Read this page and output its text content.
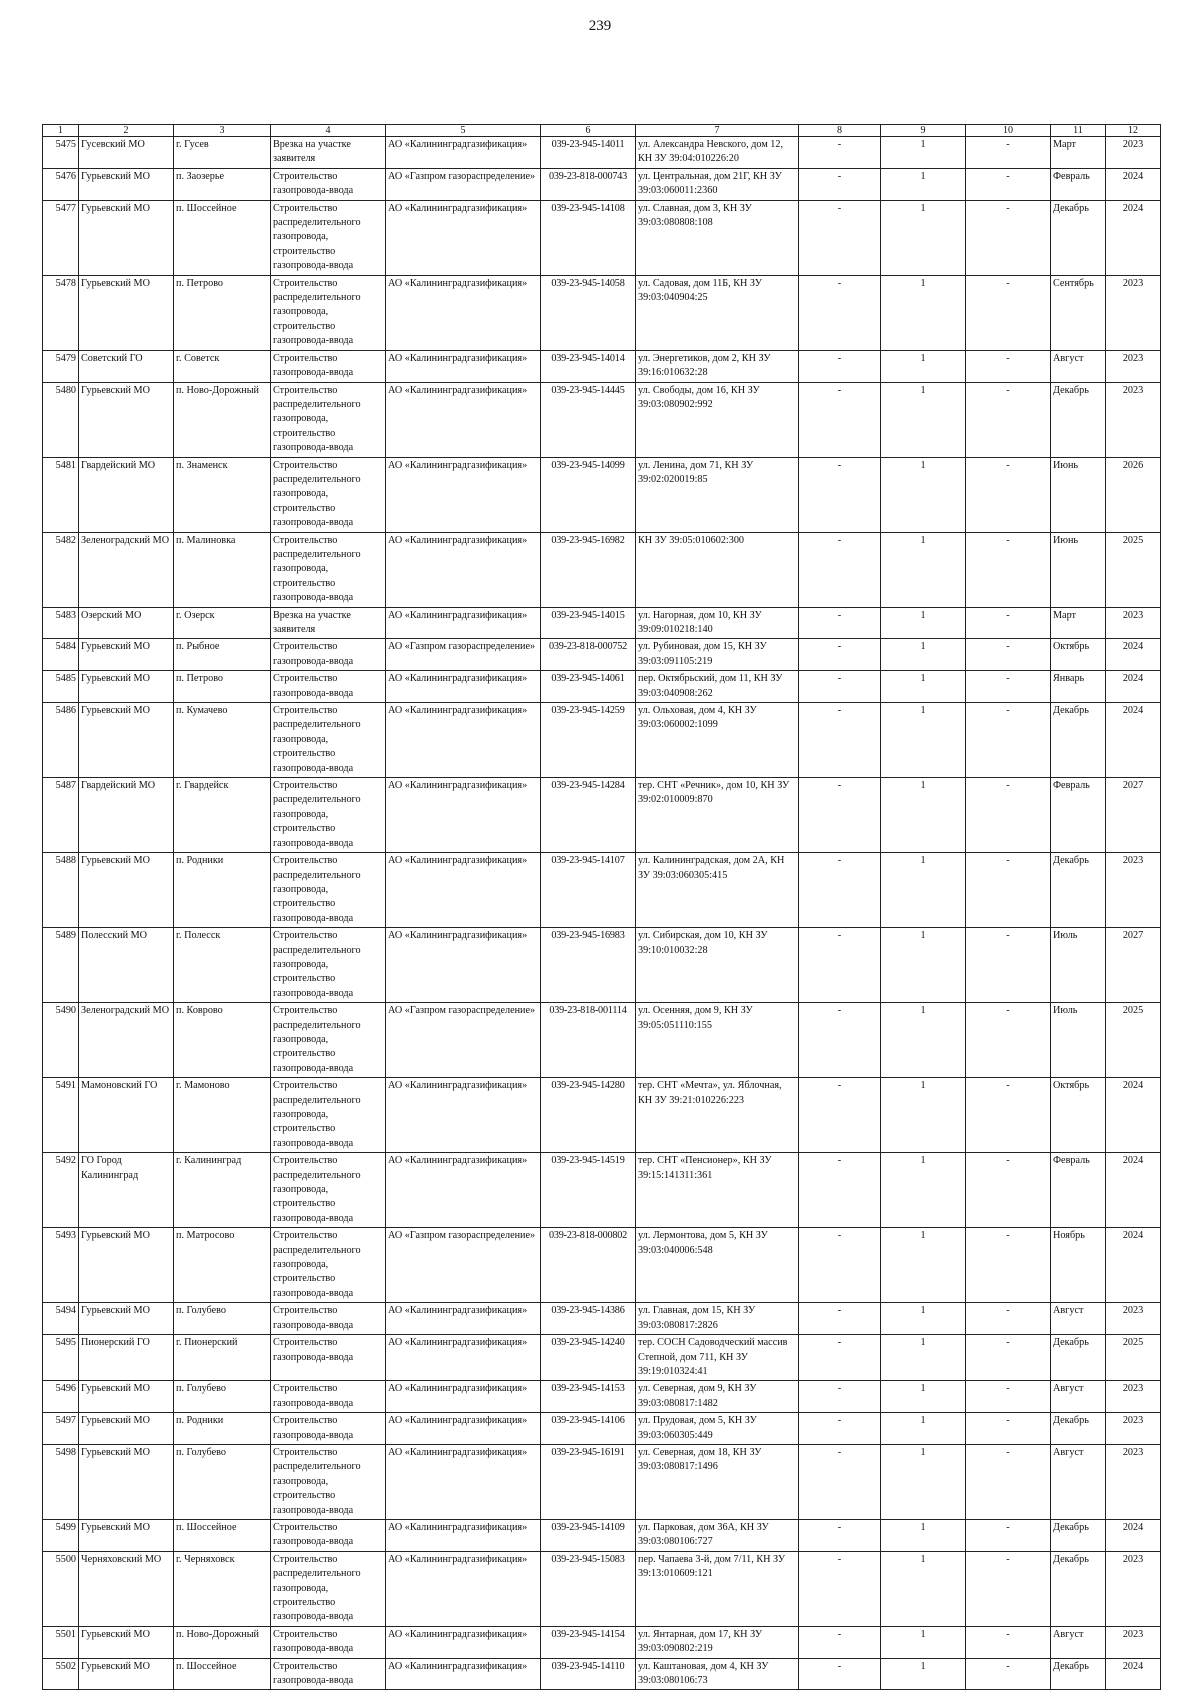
239
1	2	3	4	5	6	7	8	9	10	11	12
5475	Гусевский МО	г. Гусев	Врезка на участке заявителя	АО «Калининградгазификация»	039-23-945-14011	ул. Александра Невского, дом 12, КН ЗУ 39:04:010226:20	-	1	-	Март	2023
5476	Гурьевский МО	п. Заозерье	Строительство газопровода-ввода	АО «Газпром газораспределение»	039-23-818-000743	ул. Центральная, дом 21Г, КН ЗУ 39:03:060011:2360	-	1	-	Февраль	2024
5477	Гурьевский МО	п. Шоссейное	Строительство распределительного газопровода, строительство газопровода-ввода	АО «Калининградгазификация»	039-23-945-14108	ул. Славная, дом 3, КН ЗУ 39:03:080808:108	-	1	-	Декабрь	2024
5478	Гурьевский МО	п. Петрово	Строительство распределительного газопровода, строительство газопровода-ввода	АО «Калининградгазификация»	039-23-945-14058	ул. Садовая, дом 11Б, КН ЗУ 39:03:040904:25	-	1	-	Сентябрь	2023
5479	Советский ГО	г. Советск	Строительство газопровода-ввода	АО «Калининградгазификация»	039-23-945-14014	ул. Энергетиков, дом 2, КН ЗУ 39:16:010632:28	-	1	-	Август	2023
5480	Гурьевский МО	п. Ново-Дорожный	Строительство распределительного газопровода, строительство газопровода-ввода	АО «Калининградгазификация»	039-23-945-14445	ул. Свободы, дом 16, КН ЗУ 39:03:080902:992	-	1	-	Декабрь	2023
5481	Гвардейский МО	п. Знаменск	Строительство распределительного газопровода, строительство газопровода-ввода	АО «Калининградгазификация»	039-23-945-14099	ул. Ленина, дом 71, КН ЗУ 39:02:020019:85	-	1	-	Июнь	2026
5482	Зеленоградский МО	п. Малиновка	Строительство распределительного газопровода, строительство газопровода-ввода	АО «Калининградгазификация»	039-23-945-16982	КН ЗУ 39:05:010602:300	-	1	-	Июнь	2025
5483	Озерский МО	г. Озерск	Врезка на участке заявителя	АО «Калининградгазификация»	039-23-945-14015	ул. Нагорная, дом 10, КН ЗУ 39:09:010218:140	-	1	-	Март	2023
5484	Гурьевский МО	п. Рыбное	Строительство газопровода-ввода	АО «Газпром газораспределение»	039-23-818-000752	ул. Рубиновая, дом 15, КН ЗУ 39:03:091105:219	-	1	-	Октябрь	2024
5485	Гурьевский МО	п. Петрово	Строительство газопровода-ввода	АО «Калининградгазификация»	039-23-945-14061	пер. Октябрьский, дом 11, КН ЗУ 39:03:040908:262	-	1	-	Январь	2024
5486	Гурьевский МО	п. Кумачево	Строительство распределительного газопровода, строительство газопровода-ввода	АО «Калининградгазификация»	039-23-945-14259	ул. Ольховая, дом 4, КН ЗУ 39:03:060002:1099	-	1	-	Декабрь	2024
5487	Гвардейский МО	г. Гвардейск	Строительство распределительного газопровода, строительство газопровода-ввода	АО «Калининградгазификация»	039-23-945-14284	тер. СНТ «Речник», дом 10, КН ЗУ 39:02:010009:870	-	1	-	Февраль	2027
5488	Гурьевский МО	п. Родники	Строительство распределительного газопровода, строительство газопровода-ввода	АО «Калининградгазификация»	039-23-945-14107	ул. Калининградская, дом 2А, КН ЗУ 39:03:060305:415	-	1	-	Декабрь	2023
5489	Полесский МО	г. Полесск	Строительство распределительного газопровода, строительство газопровода-ввода	АО «Калининградгазификация»	039-23-945-16983	ул. Сибирская, дом 10, КН ЗУ 39:10:010032:28	-	1	-	Июль	2027
5490	Зеленоградский МО	п. Коврово	Строительство распределительного газопровода, строительство газопровода-ввода	АО «Газпром газораспределение»	039-23-818-001114	ул. Осенняя, дом 9, КН ЗУ 39:05:051110:155	-	1	-	Июль	2025
5491	Мамоновский ГО	г. Мамоново	Строительство распределительного газопровода, строительство газопровода-ввода	АО «Калининградгазификация»	039-23-945-14280	тер. СНТ «Мечта», ул. Яблочная, КН ЗУ 39:21:010226:223	-	1	-	Октябрь	2024
5492	ГО Город Калининград	г. Калининград	Строительство распределительного газопровода, строительство газопровода-ввода	АО «Калининградгазификация»	039-23-945-14519	тер. СНТ «Пенсионер», КН ЗУ 39:15:141311:361	-	1	-	Февраль	2024
5493	Гурьевский МО	п. Матросово	Строительство распределительного газопровода, строительство газопровода-ввода	АО «Газпром газораспределение»	039-23-818-000802	ул. Лермонтова, дом 5, КН ЗУ 39:03:040006:548	-	1	-	Ноябрь	2024
5494	Гурьевский МО	п. Голубево	Строительство газопровода-ввода	АО «Калининградгазификация»	039-23-945-14386	ул. Главная, дом 15, КН ЗУ 39:03:080817:2826	-	1	-	Август	2023
5495	Пионерский ГО	г. Пионерский	Строительство газопровода-ввода	АО «Калининградгазификация»	039-23-945-14240	тер. СОСН Садоводческий массив Степной, дом 711, КН ЗУ 39:19:010324:41	-	1	-	Декабрь	2025
5496	Гурьевский МО	п. Голубево	Строительство газопровода-ввода	АО «Калининградгазификация»	039-23-945-14153	ул. Северная, дом 9, КН ЗУ 39:03:080817:1482	-	1	-	Август	2023
5497	Гурьевский МО	п. Родники	Строительство газопровода-ввода	АО «Калининградгазификация»	039-23-945-14106	ул. Прудовая, дом 5, КН ЗУ 39:03:060305:449	-	1	-	Декабрь	2023
5498	Гурьевский МО	п. Голубево	Строительство распределительного газопровода, строительство газопровода-ввода	АО «Калининградгазификация»	039-23-945-16191	ул. Северная, дом 18, КН ЗУ 39:03:080817:1496	-	1	-	Август	2023
5499	Гурьевский МО	п. Шоссейное	Строительство газопровода-ввода	АО «Калининградгазификация»	039-23-945-14109	ул. Парковая, дом 36А, КН ЗУ 39:03:080106:727	-	1	-	Декабрь	2024
5500	Черняховский МО	г. Черняховск	Строительство распределительного газопровода, строительство газопровода-ввода	АО «Калининградгазификация»	039-23-945-15083	пер. Чапаева 3-й, дом 7/11, КН ЗУ 39:13:010609:121	-	1	-	Декабрь	2023
5501	Гурьевский МО	п. Ново-Дорожный	Строительство газопровода-ввода	АО «Калининградгазификация»	039-23-945-14154	ул. Янтарная, дом 17, КН ЗУ 39:03:090802:219	-	1	-	Август	2023
5502	Гурьевский МО	п. Шоссейное	Строительство газопровода-ввода	АО «Калининградгазификация»	039-23-945-14110	ул. Каштановая, дом 4, КН ЗУ 39:03:080106:73	-	1	-	Декабрь	2024
